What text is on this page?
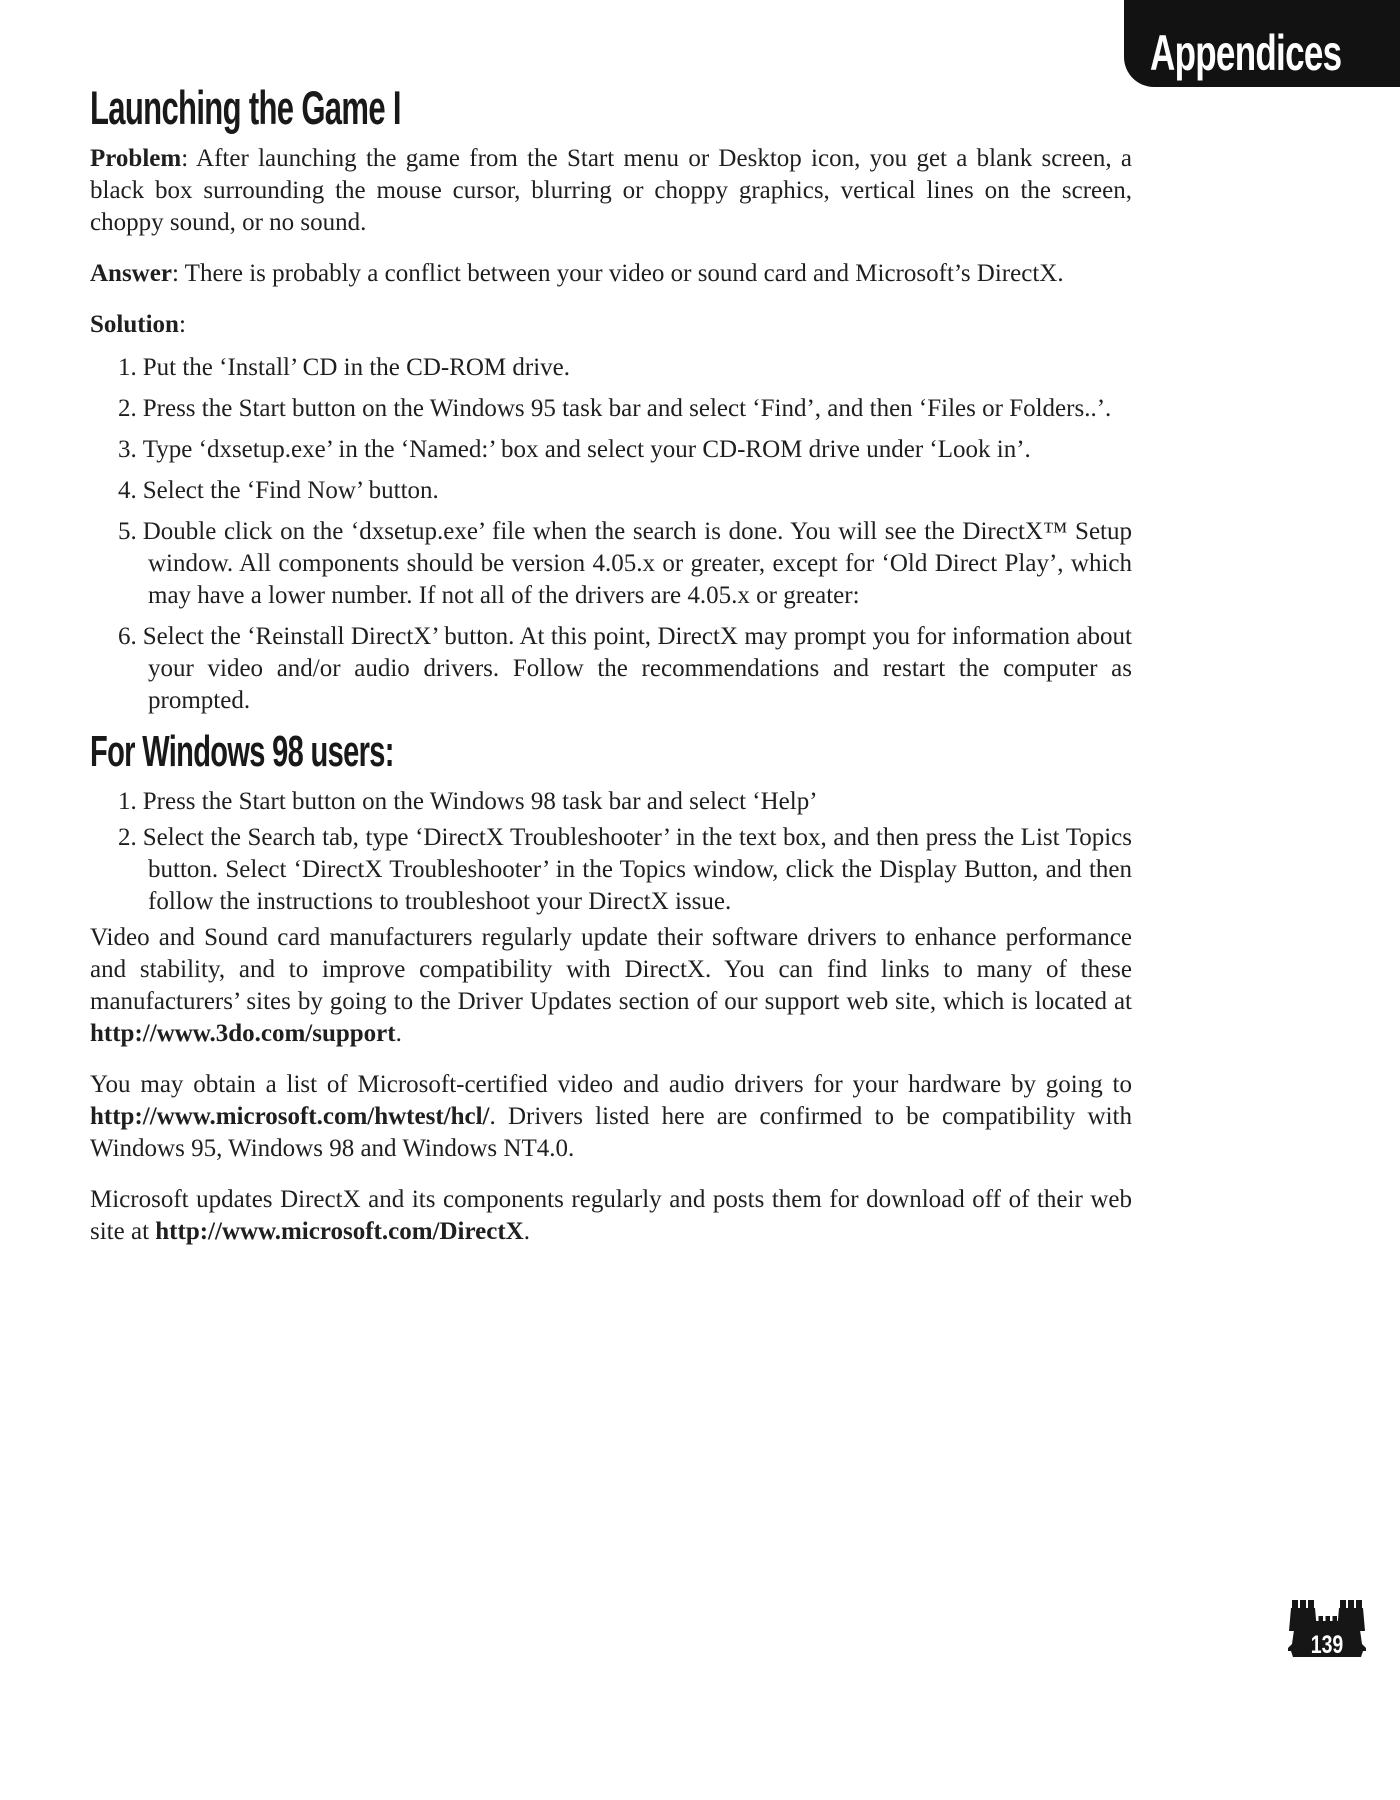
Appendices
Launching the Game I

Problem: After launching the game from the Start menu or Desktop icon, you get a blank screen, a black box surrounding the mouse cursor, blurring or choppy graphics, vertical lines on the screen, choppy sound, or no sound.

Answer: There is probably a conflict between your video or sound card and Microsoft’s DirectX.

Solution:

1. Put the ‘Install’ CD in the CD-ROM drive.
2. Press the Start button on the Windows 95 task bar and select ‘Find’, and then ‘Files or Folders..’.
3. Type ‘dxsetup.exe’ in the ‘Named:’ box and select your CD-ROM drive under ‘Look in’.
4. Select the ‘Find Now’ button.
5. Double click on the ‘dxsetup.exe’ file when the search is done. You will see the DirectX™ Setup window. All components should be version 4.05.x or greater, except for ‘Old Direct Play’, which may have a lower number. If not all of the drivers are 4.05.x or greater:
6. Select the ‘Reinstall DirectX’ button. At this point, DirectX may prompt you for information about your video and/or audio drivers. Follow the recommendations and restart the computer as prompted.
For Windows 98 users:
1. Press the Start button on the Windows 98 task bar and select ‘Help’
2. Select the Search tab, type ‘DirectX Troubleshooter’ in the text box, and then press the List Topics button. Select ‘DirectX Troubleshooter’ in the Topics window, click the Display Button, and then follow the instructions to troubleshoot your DirectX issue.

Video and Sound card manufacturers regularly update their software drivers to enhance performance and stability, and to improve compatibility with DirectX. You can find links to many of these manufacturers’ sites by going to the Driver Updates section of our support web site, which is located at http://www.3do.com/support.

You may obtain a list of Microsoft-certified video and audio drivers for your hardware by going to http://www.microsoft.com/hwtest/hcl/. Drivers listed here are confirmed to be compatibility with Windows 95, Windows 98 and Windows NT4.0.

Microsoft updates DirectX and its components regularly and posts them for download off of their web site at http://www.microsoft.com/DirectX.

139
